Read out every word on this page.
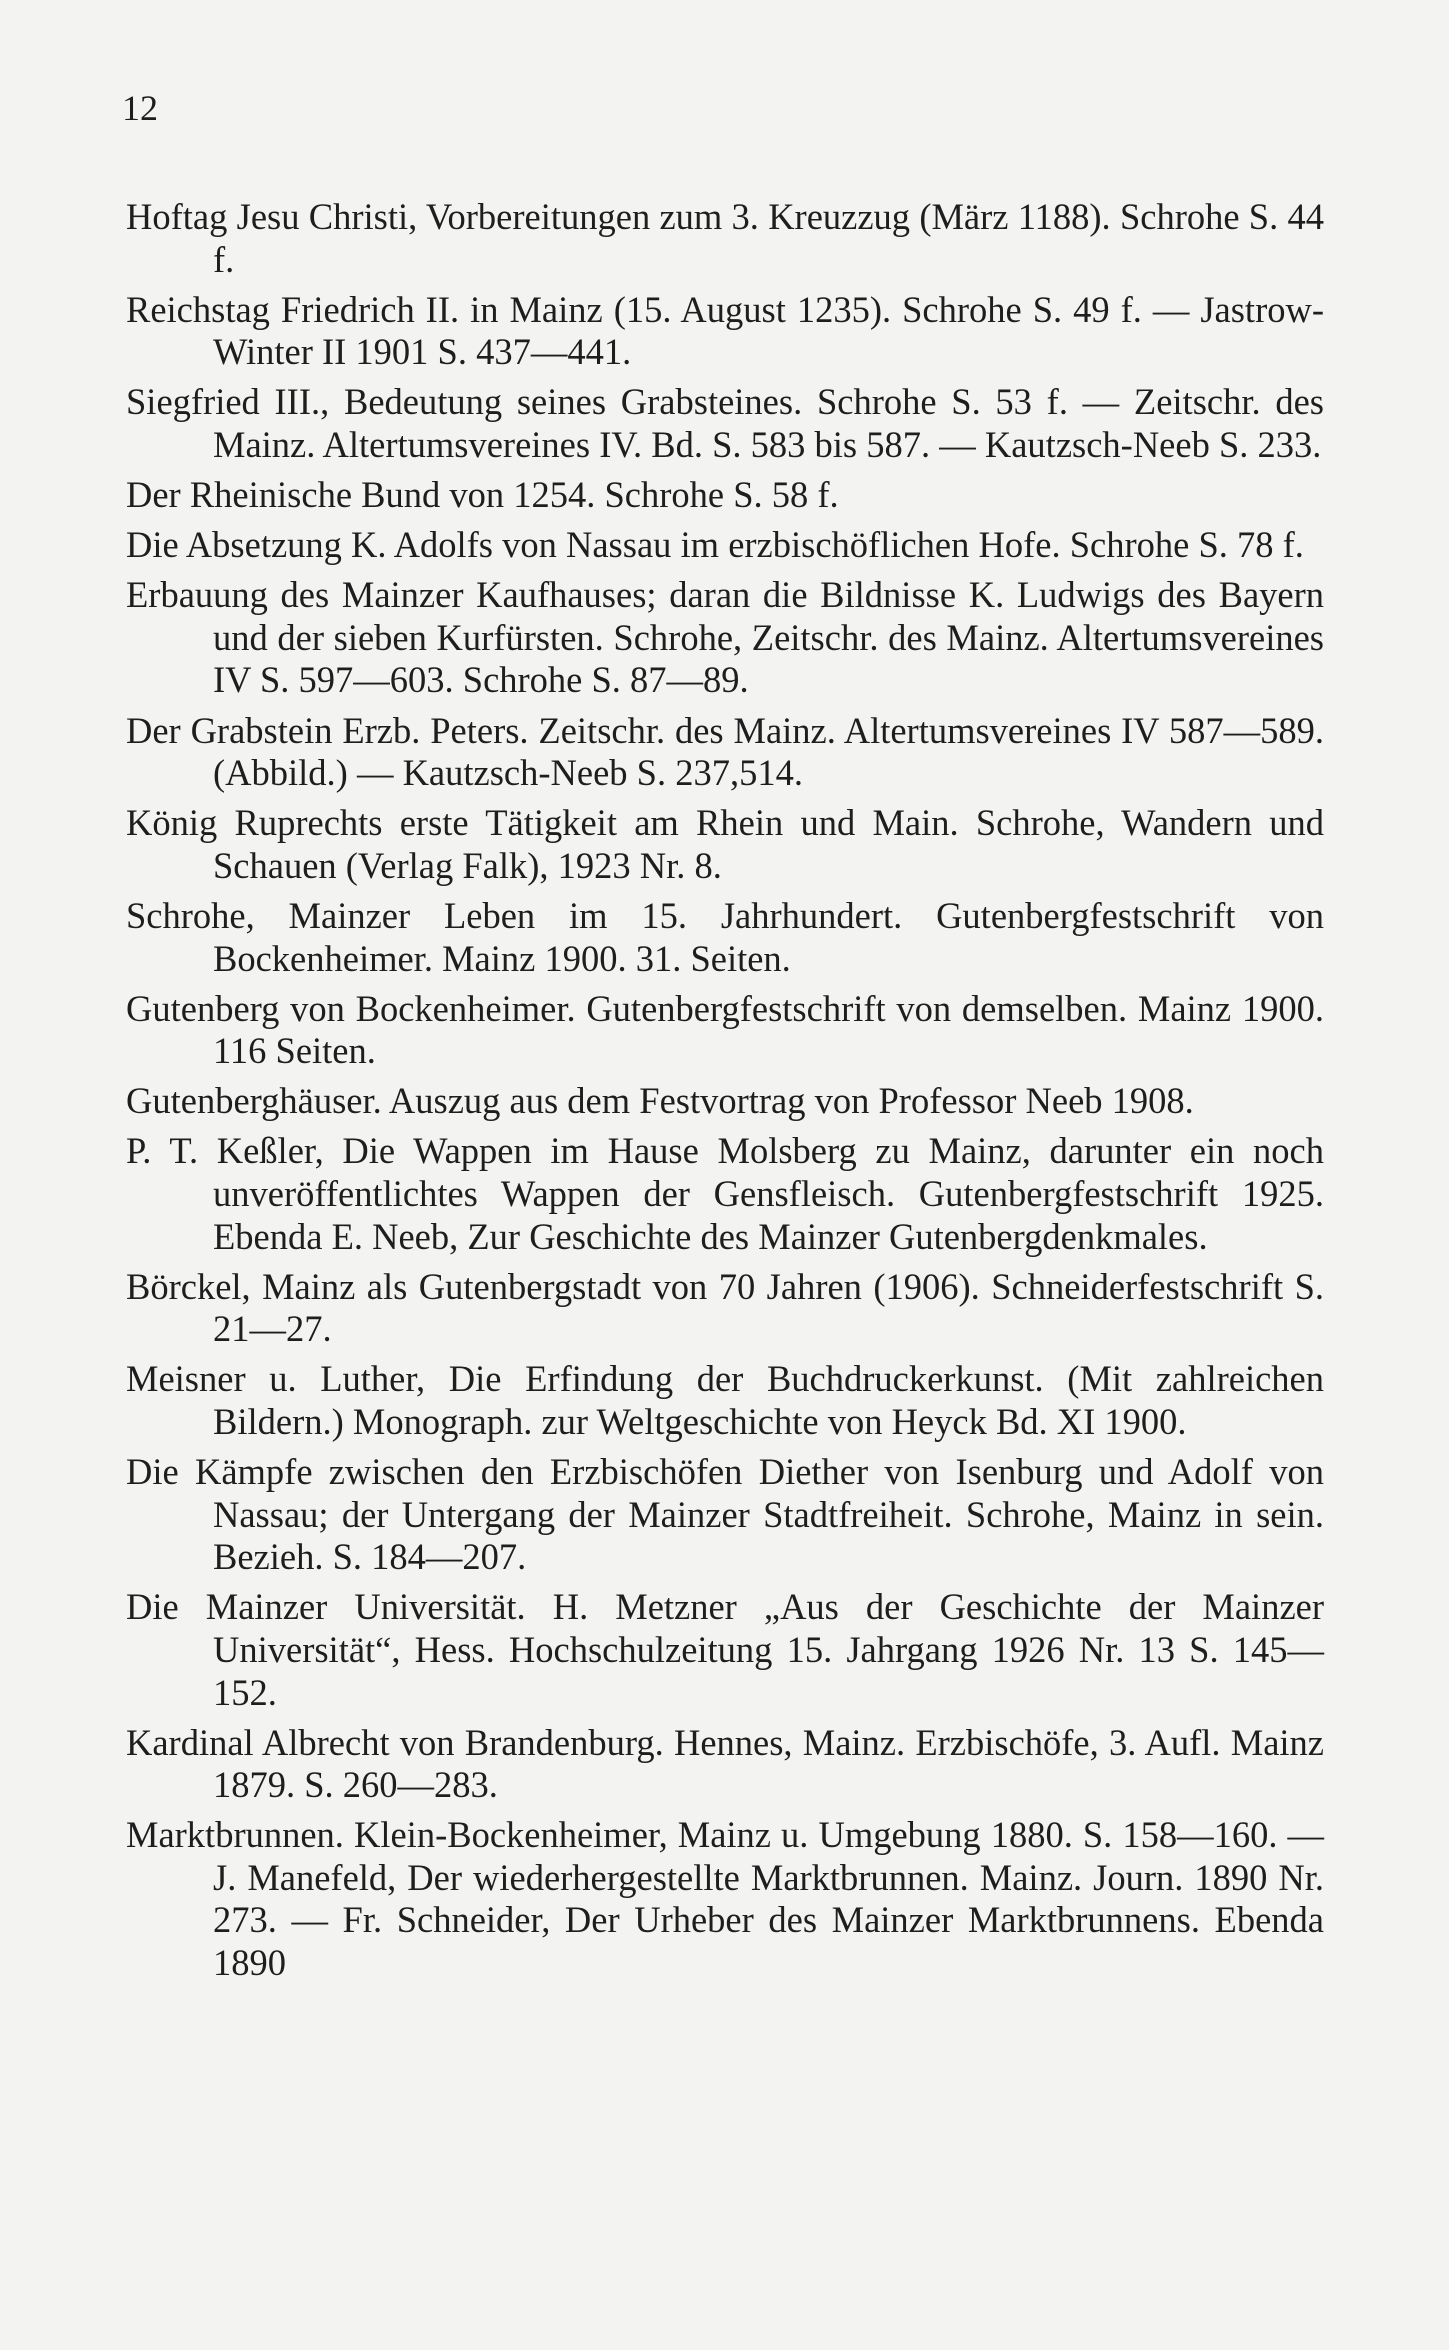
12
Hoftag Jesu Christi, Vorbereitungen zum 3. Kreuzzug (März 1188). Schrohe S. 44 f.
Reichstag Friedrich II. in Mainz (15. August 1235). Schrohe S. 49 f. — Jastrow-Winter II 1901 S. 437—441.
Siegfried III., Bedeutung seines Grabsteines. Schrohe S. 53 f. — Zeitschr. des Mainz. Altertumsvereines IV. Bd. S. 583 bis 587. — Kautzsch-Neeb S. 233.
Der Rheinische Bund von 1254. Schrohe S. 58 f.
Die Absetzung K. Adolfs von Nassau im erzbischöflichen Hofe. Schrohe S. 78 f.
Erbauung des Mainzer Kaufhauses; daran die Bildnisse K. Ludwigs des Bayern und der sieben Kurfürsten. Schrohe, Zeitschr. des Mainz. Altertumsvereines IV S. 597—603. Schrohe S. 87—89.
Der Grabstein Erzb. Peters. Zeitschr. des Mainz. Altertumsvereines IV 587—589. (Abbild.) — Kautzsch-Neeb S. 237,514.
König Ruprechts erste Tätigkeit am Rhein und Main. Schrohe, Wandern und Schauen (Verlag Falk), 1923 Nr. 8.
Schrohe, Mainzer Leben im 15. Jahrhundert. Gutenbergfestschrift von Bockenheimer. Mainz 1900. 31. Seiten.
Gutenberg von Bockenheimer. Gutenbergfestschrift von demselben. Mainz 1900. 116 Seiten.
Gutenberghäuser. Auszug aus dem Festvortrag von Professor Neeb 1908.
P. T. Keßler, Die Wappen im Hause Molsberg zu Mainz, darunter ein noch unveröffentlichtes Wappen der Gensfleisch. Gutenbergfestschrift 1925. Ebenda E. Neeb, Zur Geschichte des Mainzer Gutenbergdenkmales.
Börckel, Mainz als Gutenbergstadt von 70 Jahren (1906). Schneiderfestschrift S. 21—27.
Meisner u. Luther, Die Erfindung der Buchdruckerkunst. (Mit zahlreichen Bildern.) Monograph. zur Weltgeschichte von Heyck Bd. XI 1900.
Die Kämpfe zwischen den Erzbischöfen Diether von Isenburg und Adolf von Nassau; der Untergang der Mainzer Stadtfreiheit. Schrohe, Mainz in sein. Bezieh. S. 184—207.
Die Mainzer Universität. H. Metzner „Aus der Geschichte der Mainzer Universität“, Hess. Hochschulzeitung 15. Jahrgang 1926 Nr. 13 S. 145—152.
Kardinal Albrecht von Brandenburg. Hennes, Mainz. Erzbischöfe, 3. Aufl. Mainz 1879. S. 260—283.
Marktbrunnen. Klein-Bockenheimer, Mainz u. Umgebung 1880. S. 158—160. — J. Manefeld, Der wiederhergestellte Marktbrunnen. Mainz. Journ. 1890 Nr. 273. — Fr. Schneider, Der Urheber des Mainzer Marktbrunnens. Ebenda 1890
